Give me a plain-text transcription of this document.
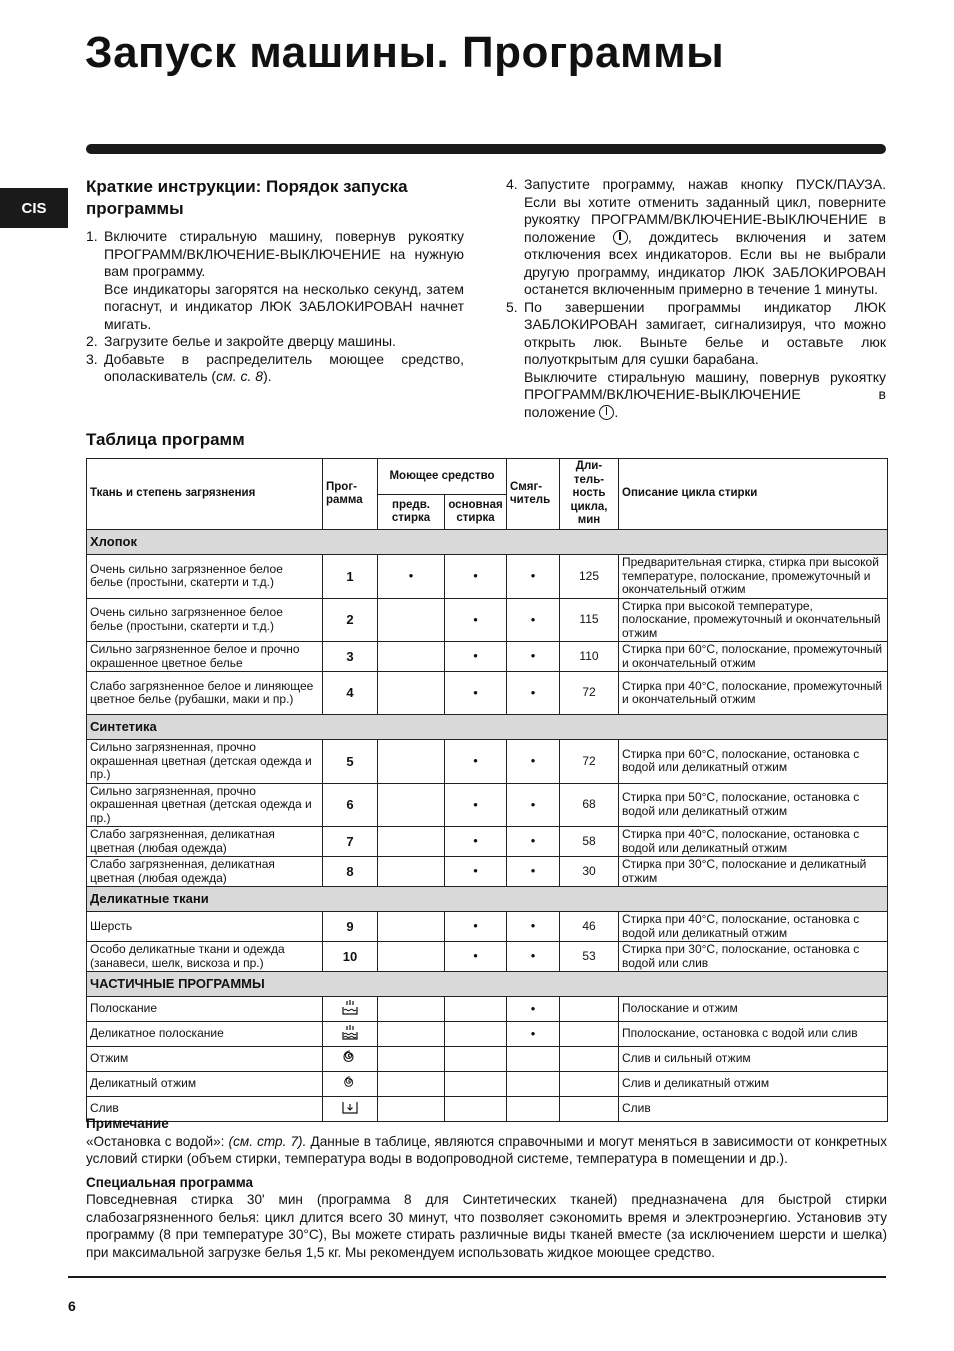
Запуск машины. Программы
CIS

Краткие инструкции: Порядок запуска программы

1. Включите стиральную машину, повернув рукоятку ПРОГРАММ/ВКЛЮЧЕНИЕ-ВЫКЛЮЧЕНИЕ на нужную вам программу.
Все индикаторы загорятся на несколько секунд, затем погаснут, и индикатор ЛЮК ЗАБЛОКИРОВАН начнет мигать.
2. Загрузите белье и закройте дверцу машины.
3. Добавьте в распределитель моющее средство, ополаскиватель (см. с. 8).
4. Запустите программу, нажав кнопку ПУСК/ПАУЗА. Если вы хотите отменить заданный цикл, поверните рукоятку ПРОГРАММ/ВКЛЮЧЕНИЕ-ВЫКЛЮЧЕНИЕ в положение , дождитесь включения и затем отключения всех индикаторов. Если вы не выбрали другую программу, индикатор ЛЮК ЗАБЛОКИРОВАН останется включенным примерно в течение 1 минуты.
5. По завершении программы индикатор ЛЮК ЗАБЛОКИРОВАН замигает, сигнализируя, что можно открыть люк. Выньте белье и оставьте люк полуоткрытым для сушки барабана.
Выключите стиральную машину, повернув рукоятку ПРОГРАММ/ВКЛЮЧЕНИЕ-ВЫКЛЮЧЕНИЕ в положение .

Таблица программ

Ткань и степень загрязнения	Прог-рамма	Моющее средство		Смяг-читель	Дли-тель-ность цикла, мин	Описание цикла стирки
		предв. стирка	основная стирка			
Хлопок						
Очень сильно загрязненное белое белье (простыни, скатерти и т.д.)	1	•	•	•	125	Предварительная стирка, стирка при высокой температуре, полоскание, промежуточный и окончательный отжим
Очень сильно загрязненное белое белье (простыни, скатерти и т.д.)	2		•	•	115	Стирка при высокой температуре, полоскание, промежуточный и окончательный отжим
Сильно загрязненное белое и прочно окрашенное цветное белье	3		•	•	110	Стирка при 60°С, полоскание, промежуточный и окончательный отжим
Слабо загрязненное белое и линяющее цветное белье (рубашки, маки и пр.)	4		•	•	72	Стирка при 40°С, полоскание, промежуточный и окончательный отжим
Синтетика						
Сильно загрязненная, прочно окрашенная цветная (детская одежда и пр.)	5		•	•	72	Стирка при 60°С, полоскание, остановка с водой или деликатный отжим
Сильно загрязненная, прочно окрашенная цветная (детская одежда и пр.)	6		•	•	68	Стирка при 50°С, полоскание, остановка с водой или деликатный отжим
Слабо загрязненная, деликатная цветная (любая одежда)	7		•	•	58	Стирка при 40°С, полоскание, остановка с водой или деликатный отжим
Слабо загрязненная, деликатная цветная (любая одежда)	8		•	•	30	Стирка при 30°С, полоскание и деликатный отжим
Деликатные ткани						
Шерсть	9		•	•	46	Стирка при 40°С, полоскание, остановка с водой или деликатный отжим
Особо деликатные ткани и одежда (занавеси, шелк, вискоза и пр.)	10		•	•	53	Стирка при 30°С, полоскание, остановка с водой или слив
ЧАСТИЧНЫЕ ПРОГРАММЫ						
Полоскание				•		Полоскание и отжим
Деликатное полоскание				•		Пполоскание, остановка с водой или слив
Отжим						Слив и сильный отжим
Деликатный отжим						Слив и деликатный отжим
Слив						Слив
Примечание
«Остановка с водой»: (см. стр. 7). Данные в таблице, являются справочными и могут меняться в зависимости от конкретных условий стирки (объем стирки, температура воды в водопроводной системе, температура в помещении и др.).
Специальная программа
Повседневная стирка 30' мин (программа 8 для Синтетических тканей) предназначена для быстрой стирки слабозагрязненного белья: цикл длится всего 30 минут, что позволяет сэкономить время и электроэнергию. Установив эту программу (8 при температуре 30°С), Вы можете стирать различные виды тканей вместе (за исключением шерсти и шелка) при максимальной загрузке белья 1,5 кг. Мы рекомендуем использовать жидкое моющее средство.
6
